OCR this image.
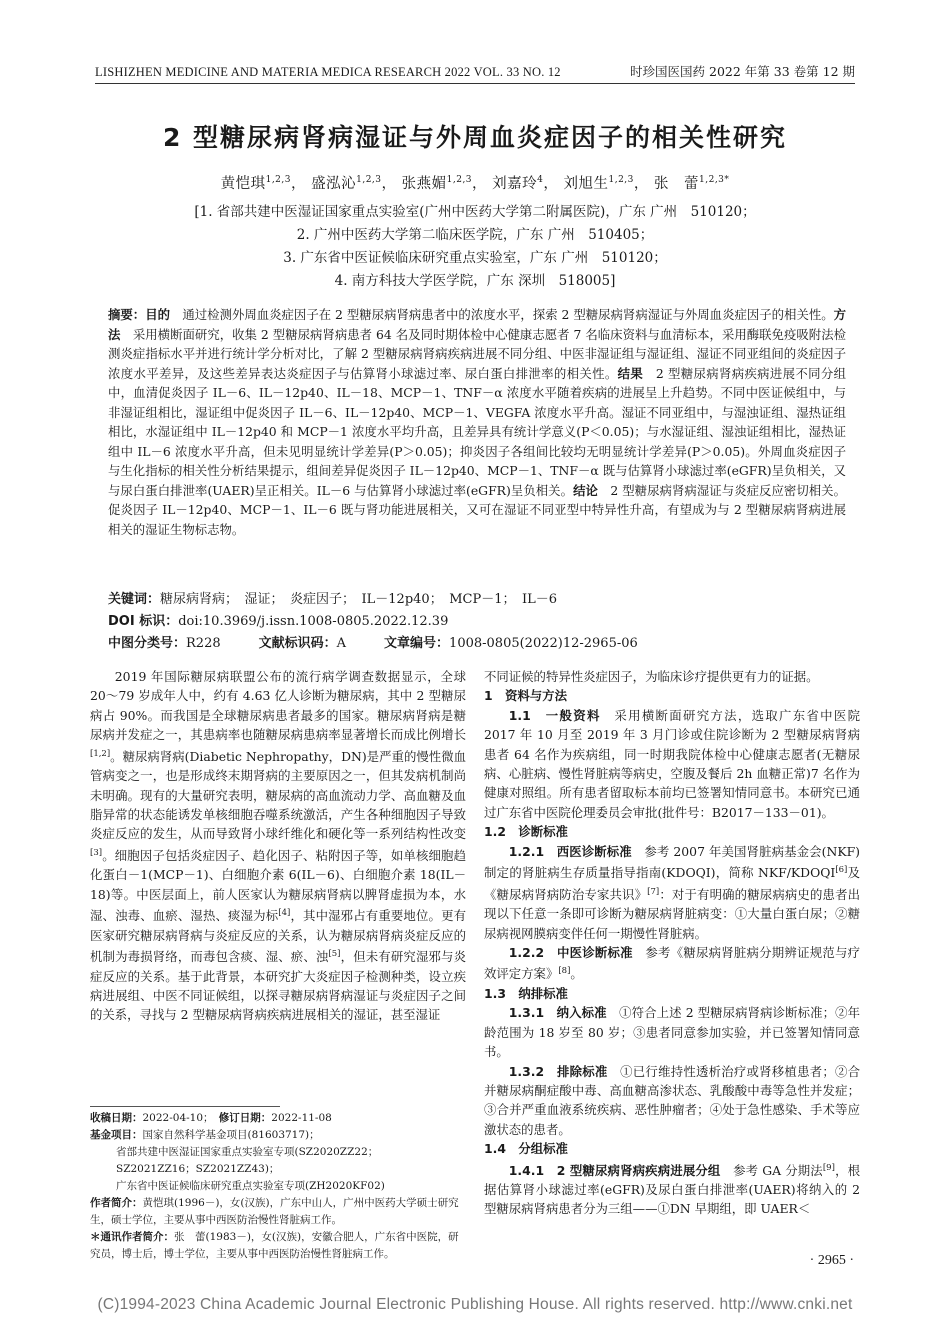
LISHIZHEN MEDICINE AND MATERIA MEDICA RESEARCH 2022 VOL. 33 NO. 12	时珍国医国药 2022 年第 33 卷第 12 期
2 型糖尿病肾病湿证与外周血炎症因子的相关性研究
黄恺琪$^{1,2,3}$， 盛泓沁$^{1,2,3}$， 张燕媚$^{1,2,3}$， 刘嘉玲$^4$， 刘旭生$^{1,2,3}$， 张　蕾$^{1,2,3*}$
[1. 省部共建中医湿证国家重点实验室(广州中医药大学第二附属医院)，广东 广州　510120；
2. 广州中医药大学第二临床医学院，广东 广州　510405；
3. 广东省中医证候临床研究重点实验室，广东 广州　510120；
4. 南方科技大学医学院，广东 深圳　518005]
摘要：目的　 通过检测外周血炎症因子在 2 型糖尿病肾病患者中的浓度水平，探索 2 型糖尿病肾病湿证与外周血炎症因子的相关性。方法　 采用横断面研究，收集 2 型糖尿病肾病患者 64 名及同时期体检中心健康志愿者 7 名临床资料与血清标本，采用酶联免疫吸附法检测炎症指标水平并进行统计学分析对比，了解 2 型糖尿病肾病疾病进展不同分组、中医非湿证组与湿证组、湿证不同亚组间的炎症因子浓度水平差异，及这些差异表达炎症因子与估算肾小球滤过率、尿白蛋白排泄率的相关性。结果　 2 型糖尿病肾病疾病进展不同分组中，血清促炎因子 IL－6、IL－12p40、IL－18、MCP－1、TNF－α 浓度水平随着疾病的进展呈上升趋势。不同中医证候组中，与非湿证组相比，湿证组中促炎因子 IL－6、IL－12p40、MCP－1、VEGFA 浓度水平升高。湿证不同亚组中，与湿浊证组、湿热证组相比，水湿证组中 IL－12p40 和 MCP－1 浓度水平均升高，且差异具有统计学意义(P＜0.05)；与水湿证组、湿浊证组相比，湿热证组中 IL－6 浓度水平升高，但未见明显统计学差异(P＞0.05)；抑炎因子各组间比较均无明显统计学差异(P＞0.05)。外周血炎症因子与生化指标的相关性分析结果提示，组间差异促炎因子 IL－12p40、MCP－1、TNF－α 既与估算肾小球滤过率(eGFR)呈负相关，又与尿白蛋白排泄率(UAER)呈正相关。IL－6 与估算肾小球滤过率(eGFR)呈负相关。结论　 2 型糖尿病肾病湿证与炎症反应密切相关。促炎因子 IL－12p40、MCP－1、IL－6 既与肾功能进展相关，又可在湿证不同亚型中特异性升高，有望成为与 2 型糖尿病肾病进展相关的湿证生物标志物。
关键词：糖尿病肾病；　湿证；　炎症因子；　IL－12p40；　MCP－1；　IL－6
DOI 标识：doi:10.3969/j.issn.1008-0805.2022.12.39
中图分类号：R228	文献标识码：A	文章编号：1008-0805(2022)12-2965-06

2019 年国际糖尿病联盟公布的流行病学调查数据显示，全球 20～79 岁成年人中，约有 4.63 亿人诊断为糖尿病，其中 2 型糖尿病占 90%。而我国是全球糖尿病患者最多的国家。糖尿病肾病是糖尿病并发症之一，其患病率也随糖尿病患病率显著增长而成比例增长[1,2]。糖尿病肾病(Diabetic Nephropathy，DN)是严重的慢性微血管病变之一，也是形成终末期肾病的主要原因之一，但其发病机制尚未明确。现有的大量研究表明，糖尿病的高血流动力学、高血糖及血脂异常的状态能诱发单核细胞吞噬系统激活，产生各种细胞因子导致炎症反应的发生，从而导致肾小球纤维化和硬化等一系列结构性改变[3]。细胞因子包括炎症因子、趋化因子、粘附因子等，如单核细胞趋化蛋白－1(MCP－1)、白细胞介素 6(IL－6)、白细胞介素 18(IL－18)等。中医层面上，前人医家认为糖尿病肾病以脾肾虚损为本，水湿、浊毒、血瘀、湿热、痰湿为标[4]，其中湿邪占有重要地位。更有医家研究糖尿病肾病与炎症反应的关系，认为糖尿病肾病炎症反应的机制为毒损肾络，而毒包含痰、湿、瘀、浊[5]，但未有研究湿邪与炎症反应的关系。基于此背景，本研究扩大炎症因子检测种类，设立疾病进展组、中医不同证候组，以探寻糖尿病肾病湿证与炎症因子之间的关系，寻找与 2 型糖尿病肾病疾病进展相关的湿证，甚至湿证

不同证候的特异性炎症因子，为临床诊疗提供更有力的证据。

1　资料与方法

1.1　一般资料　 采用横断面研究方法，选取广东省中医院 2017 年 10 月至 2019 年 3 月门诊或住院诊断为 2 型糖尿病肾病患者 64 名作为疾病组，同一时期我院体检中心健康志愿者(无糖尿病、心脏病、慢性肾脏病等病史，空腹及餐后 2h 血糖正常)7 名作为健康对照组。所有患者留取标本前均已签署知情同意书。本研究已通过广东省中医院伦理委员会审批(批件号：B2017－133－01)。

1.2　诊断标准

1.2.1　西医诊断标准　 参考 2007 年美国肾脏病基金会(NKF)制定的肾脏病生存质量指导指南(KDOQI)，简称 NKF/KDOQI[6]及《糖尿病肾病防治专家共识》[7]：对于有明确的糖尿病病史的患者出现以下任意一条即可诊断为糖尿病肾脏病变：①大量白蛋白尿；②糖尿病视网膜病变伴任何一期慢性肾脏病。

1.2.2　中医诊断标准　 参考《糖尿病肾脏病分期辨证规范与疗效评定方案》[8]。

1.3　纳排标准

1.3.1　纳入标准　 ①符合上述 2 型糖尿病肾病诊断标准；②年龄范围为 18 岁至 80 岁；③患者同意参加实验，并已签署知情同意书。

1.3.2　排除标准　 ①已行维持性透析治疗或肾移植患者；②合并糖尿病酮症酸中毒、高血糖高渗状态、乳酸酸中毒等急性并发症；③合并严重血液系统疾病、恶性肿瘤者；④处于急性感染、手术等应激状态的患者。

1.4　分组标准

1.4.1　2 型糖尿病肾病疾病进展分组　 参考 GA 分期法[9]，根据估算肾小球滤过率(eGFR)及尿白蛋白排泄率(UAER)将纳入的 2 型糖尿病肾病患者分为三组——①DN 早期组，即 UAER＜

收稿日期：2022-04-10；　 修订日期：2022-11-08
基金项目：国家自然科学基金项目(81603717)；
省部共建中医湿证国家重点实验室专项(SZ2020ZZ22；
SZ2021ZZ16；SZ2021ZZ43)；
广东省中医证候临床研究重点实验室专项(ZH2020KF02)
作者简介：黄恺琪(1996－)，女(汉族)，广东中山人，广州中医药大学硕士研究生，硕士学位，主要从事中西医防治慢性肾脏病工作。
＊通讯作者简介：张　蕾(1983－)，女(汉族)，安徽合肥人，广东省中医院，研究员，博士后，博士学位，主要从事中西医防治慢性肾脏病工作。	· 2965 ·
(C)1994-2023 China Academic Journal Electronic Publishing House. All rights reserved. http://www.cnki.net
